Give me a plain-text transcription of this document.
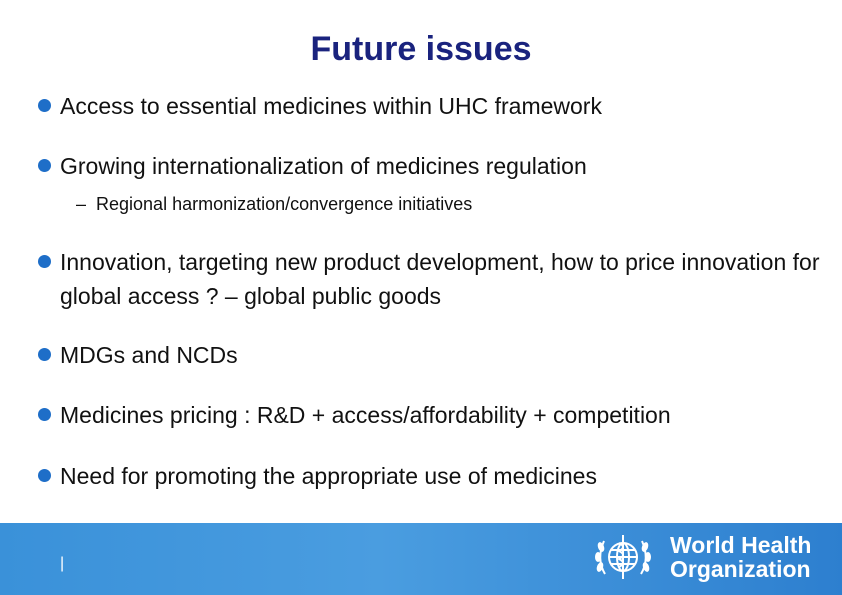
Future issues
Access to essential medicines within UHC framework
Growing internationalization of medicines regulation
– Regional harmonization/convergence initiatives
Innovation, targeting new product development, how to price innovation for global access ? – global public goods
MDGs and NCDs
Medicines pricing : R&D + access/affordability + competition
Need for promoting the appropriate use of medicines
|
World Health
Organization
